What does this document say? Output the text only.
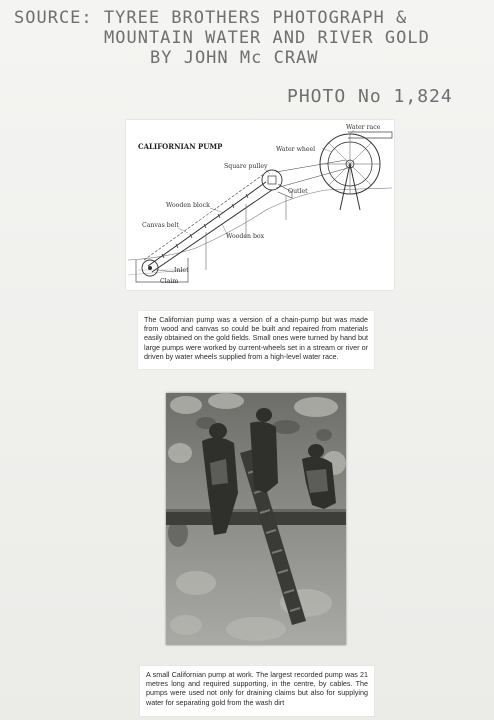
SOURCE: TYREE BROTHERS PHOTOGRAPH &
MOUNTAIN WATER AND RIVER GOLD
BY JOHN Mc CRAW
PHOTO No 1,824
CALIFORNIAN PUMP
Water race
Water wheel
Square pulley
Outlet
Wooden block
Canvas belt
Wooden box
Inlet
Claim
The Californian pump was a version of a chain-pump but was made from wood and canvas so could be built and repaired from materials easily obtained on the gold fields. Small ones were turned by hand but large pumps were worked by current-wheels set in a stream or river or driven by water wheels supplied from a high-level water race.
A small Californian pump at work. The largest recorded pump was 21 metres long and required supporting, in the centre, by cables. The pumps were used not only for draining claims but also for supplying water for separating gold from the wash dirt
